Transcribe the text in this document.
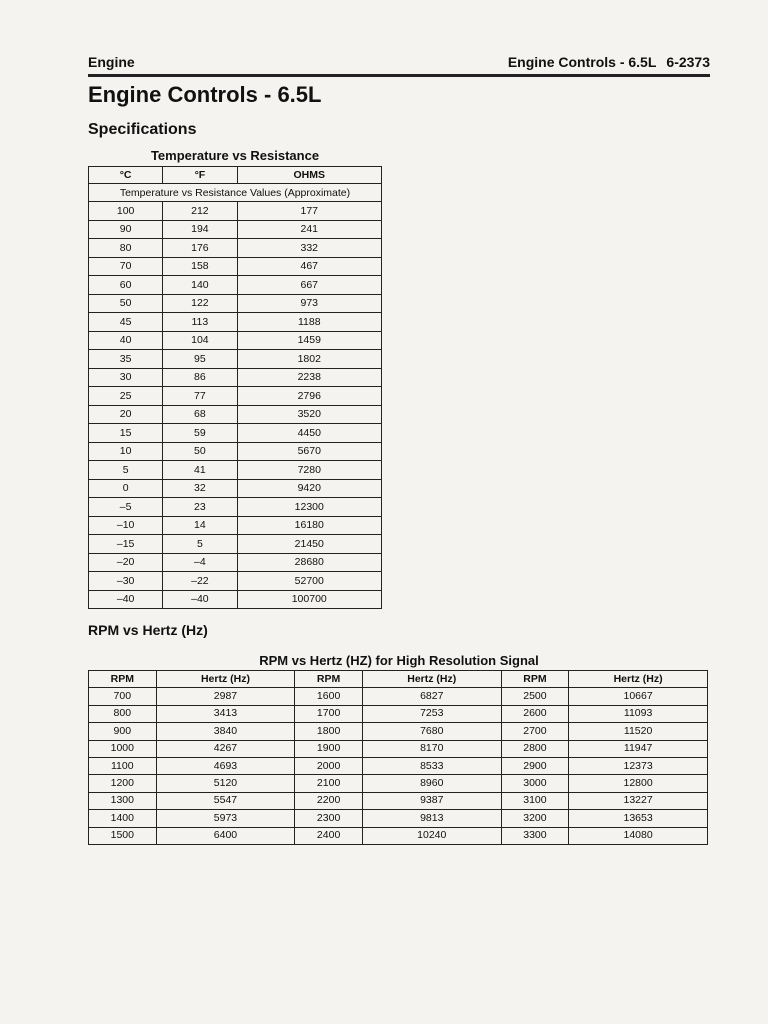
Engine	Engine Controls - 6.5L 6-2373
Engine Controls - 6.5L
Specifications
Temperature vs Resistance
°C	°F	OHMS
Temperature vs Resistance Values (Approximate)		
100	212	177
90	194	241
80	176	332
70	158	467
60	140	667
50	122	973
45	113	1188
40	104	1459
35	95	1802
30	86	2238
25	77	2796
20	68	3520
15	59	4450
10	50	5670
5	41	7280
0	32	9420
–5	23	12300
–10	14	16180
–15	5	21450
–20	–4	28680
–30	–22	52700
–40	–40	100700
RPM vs Hertz (Hz)
RPM vs Hertz (HZ) for High Resolution Signal
RPM	Hertz (Hz)	RPM	Hertz (Hz)	RPM	Hertz (Hz)
700	2987	1600	6827	2500	10667
800	3413	1700	7253	2600	11093
900	3840	1800	7680	2700	11520
1000	4267	1900	8170	2800	11947
1100	4693	2000	8533	2900	12373
1200	5120	2100	8960	3000	12800
1300	5547	2200	9387	3100	13227
1400	5973	2300	9813	3200	13653
1500	6400	2400	10240	3300	14080
